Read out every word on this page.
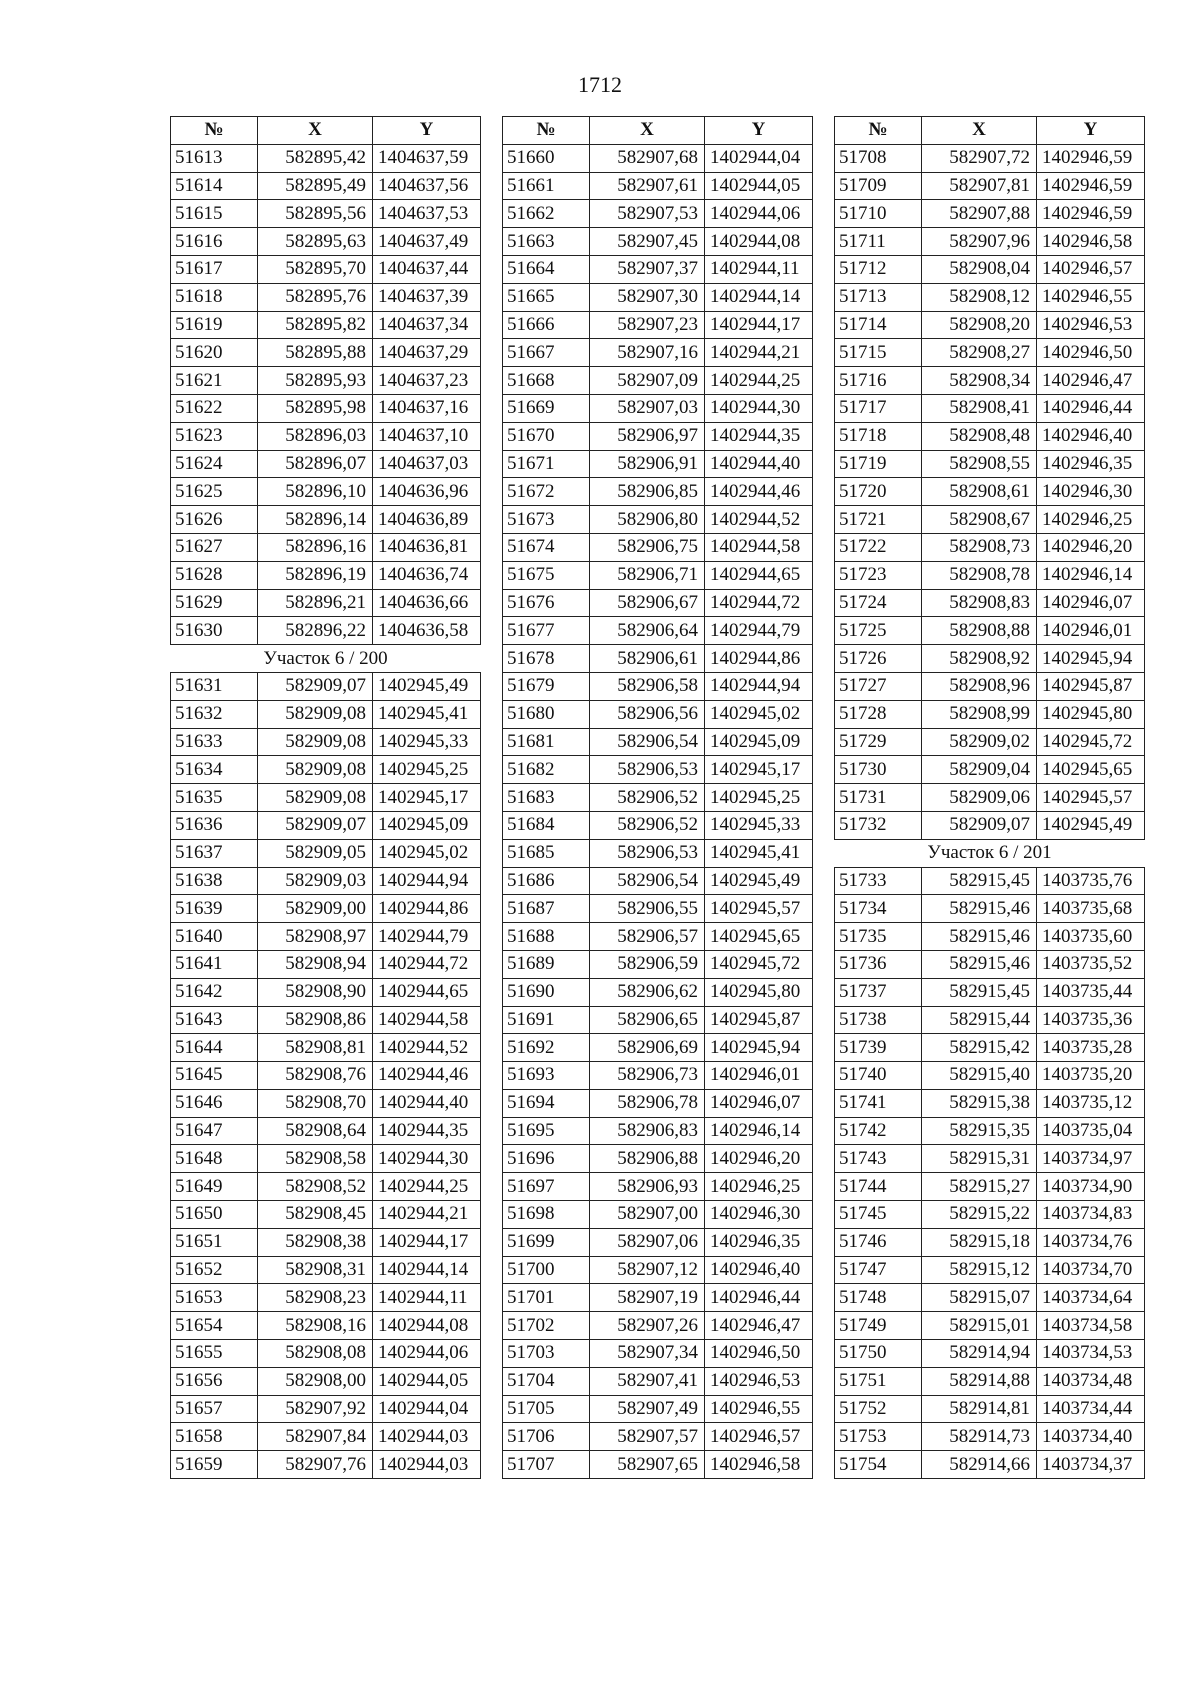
1712
№	X	Y
51613	582895,42	1404637,59
51614	582895,49	1404637,56
51615	582895,56	1404637,53
51616	582895,63	1404637,49
51617	582895,70	1404637,44
51618	582895,76	1404637,39
51619	582895,82	1404637,34
51620	582895,88	1404637,29
51621	582895,93	1404637,23
51622	582895,98	1404637,16
51623	582896,03	1404637,10
51624	582896,07	1404637,03
51625	582896,10	1404636,96
51626	582896,14	1404636,89
51627	582896,16	1404636,81
51628	582896,19	1404636,74
51629	582896,21	1404636,66
51630	582896,22	1404636,58
Участок 6 / 200		
51631	582909,07	1402945,49
51632	582909,08	1402945,41
51633	582909,08	1402945,33
51634	582909,08	1402945,25
51635	582909,08	1402945,17
51636	582909,07	1402945,09
51637	582909,05	1402945,02
51638	582909,03	1402944,94
51639	582909,00	1402944,86
51640	582908,97	1402944,79
51641	582908,94	1402944,72
51642	582908,90	1402944,65
51643	582908,86	1402944,58
51644	582908,81	1402944,52
51645	582908,76	1402944,46
51646	582908,70	1402944,40
51647	582908,64	1402944,35
51648	582908,58	1402944,30
51649	582908,52	1402944,25
51650	582908,45	1402944,21
51651	582908,38	1402944,17
51652	582908,31	1402944,14
51653	582908,23	1402944,11
51654	582908,16	1402944,08
51655	582908,08	1402944,06
51656	582908,00	1402944,05
51657	582907,92	1402944,04
51658	582907,84	1402944,03
51659	582907,76	1402944,03
№	X	Y
51660	582907,68	1402944,04
51661	582907,61	1402944,05
51662	582907,53	1402944,06
51663	582907,45	1402944,08
51664	582907,37	1402944,11
51665	582907,30	1402944,14
51666	582907,23	1402944,17
51667	582907,16	1402944,21
51668	582907,09	1402944,25
51669	582907,03	1402944,30
51670	582906,97	1402944,35
51671	582906,91	1402944,40
51672	582906,85	1402944,46
51673	582906,80	1402944,52
51674	582906,75	1402944,58
51675	582906,71	1402944,65
51676	582906,67	1402944,72
51677	582906,64	1402944,79
51678	582906,61	1402944,86
51679	582906,58	1402944,94
51680	582906,56	1402945,02
51681	582906,54	1402945,09
51682	582906,53	1402945,17
51683	582906,52	1402945,25
51684	582906,52	1402945,33
51685	582906,53	1402945,41
51686	582906,54	1402945,49
51687	582906,55	1402945,57
51688	582906,57	1402945,65
51689	582906,59	1402945,72
51690	582906,62	1402945,80
51691	582906,65	1402945,87
51692	582906,69	1402945,94
51693	582906,73	1402946,01
51694	582906,78	1402946,07
51695	582906,83	1402946,14
51696	582906,88	1402946,20
51697	582906,93	1402946,25
51698	582907,00	1402946,30
51699	582907,06	1402946,35
51700	582907,12	1402946,40
51701	582907,19	1402946,44
51702	582907,26	1402946,47
51703	582907,34	1402946,50
51704	582907,41	1402946,53
51705	582907,49	1402946,55
51706	582907,57	1402946,57
51707	582907,65	1402946,58
№	X	Y
51708	582907,72	1402946,59
51709	582907,81	1402946,59
51710	582907,88	1402946,59
51711	582907,96	1402946,58
51712	582908,04	1402946,57
51713	582908,12	1402946,55
51714	582908,20	1402946,53
51715	582908,27	1402946,50
51716	582908,34	1402946,47
51717	582908,41	1402946,44
51718	582908,48	1402946,40
51719	582908,55	1402946,35
51720	582908,61	1402946,30
51721	582908,67	1402946,25
51722	582908,73	1402946,20
51723	582908,78	1402946,14
51724	582908,83	1402946,07
51725	582908,88	1402946,01
51726	582908,92	1402945,94
51727	582908,96	1402945,87
51728	582908,99	1402945,80
51729	582909,02	1402945,72
51730	582909,04	1402945,65
51731	582909,06	1402945,57
51732	582909,07	1402945,49
Участок 6 / 201		
51733	582915,45	1403735,76
51734	582915,46	1403735,68
51735	582915,46	1403735,60
51736	582915,46	1403735,52
51737	582915,45	1403735,44
51738	582915,44	1403735,36
51739	582915,42	1403735,28
51740	582915,40	1403735,20
51741	582915,38	1403735,12
51742	582915,35	1403735,04
51743	582915,31	1403734,97
51744	582915,27	1403734,90
51745	582915,22	1403734,83
51746	582915,18	1403734,76
51747	582915,12	1403734,70
51748	582915,07	1403734,64
51749	582915,01	1403734,58
51750	582914,94	1403734,53
51751	582914,88	1403734,48
51752	582914,81	1403734,44
51753	582914,73	1403734,40
51754	582914,66	1403734,37
